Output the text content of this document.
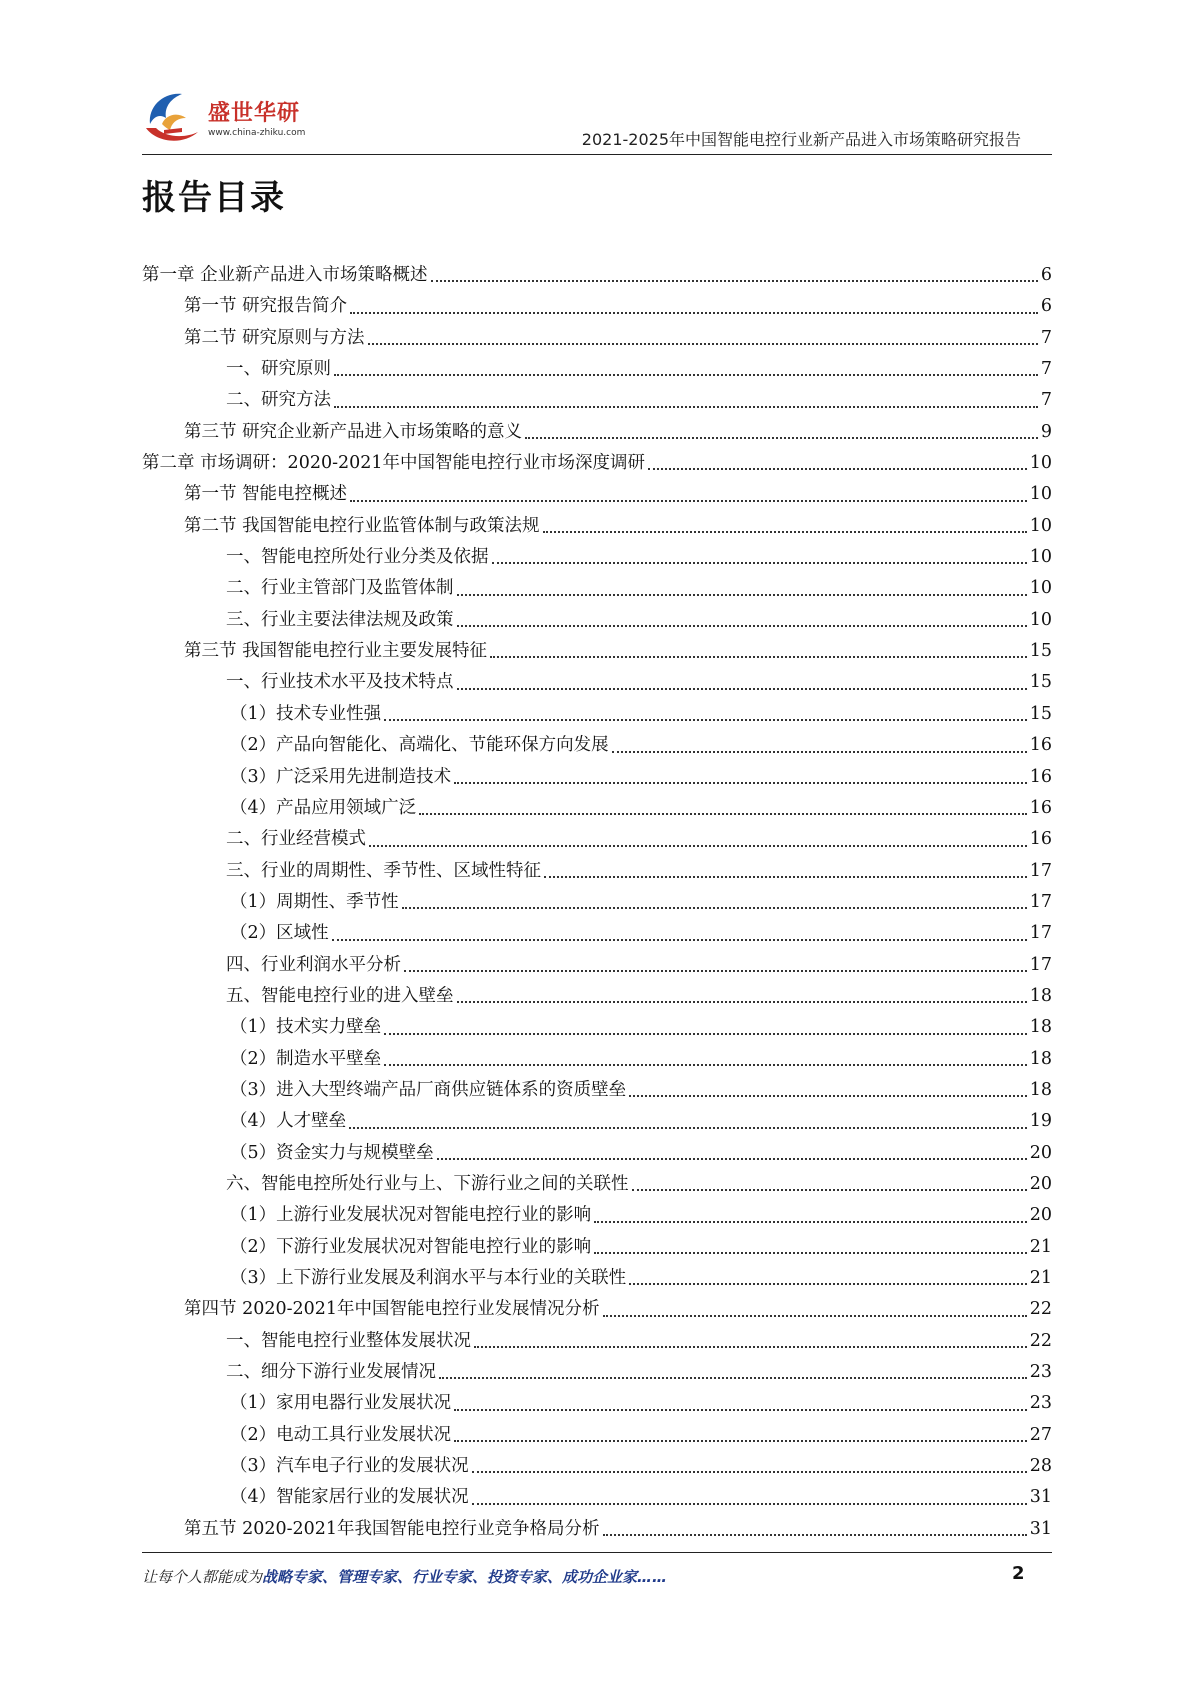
盛世华研
www.china-zhiku.com	2021-2025年中国智能电控行业新产品进入市场策略研究报告
报告目录
第一章 企业新产品进入市场策略概述	6
第一节 研究报告简介	6
第二节 研究原则与方法	7
一、研究原则	7
二、研究方法	7
第三节 研究企业新产品进入市场策略的意义	9
第二章 市场调研：2020-2021年中国智能电控行业市场深度调研	10
第一节 智能电控概述	10
第二节 我国智能电控行业监管体制与政策法规	10
一、智能电控所处行业分类及依据	10
二、行业主管部门及监管体制	10
三、行业主要法律法规及政策	10
第三节 我国智能电控行业主要发展特征	15
一、行业技术水平及技术特点	15
（1）技术专业性强	15
（2）产品向智能化、高端化、节能环保方向发展	16
（3）广泛采用先进制造技术	16
（4）产品应用领域广泛	16
二、行业经营模式	16
三、行业的周期性、季节性、区域性特征	17
（1）周期性、季节性	17
（2）区域性	17
四、行业利润水平分析	17
五、智能电控行业的进入壁垒	18
（1）技术实力壁垒	18
（2）制造水平壁垒	18
（3）进入大型终端产品厂商供应链体系的资质壁垒	18
（4）人才壁垒	19
（5）资金实力与规模壁垒	20
六、智能电控所处行业与上、下游行业之间的关联性	20
（1）上游行业发展状况对智能电控行业的影响	20
（2）下游行业发展状况对智能电控行业的影响	21
（3）上下游行业发展及利润水平与本行业的关联性	21
第四节 2020-2021年中国智能电控行业发展情况分析	22
一、智能电控行业整体发展状况	22
二、细分下游行业发展情况	23
（1）家用电器行业发展状况	23
（2）电动工具行业发展状况	27
（3）汽车电子行业的发展状况	28
（4）智能家居行业的发展状况	31
第五节 2020-2021年我国智能电控行业竞争格局分析	31
让每个人都能成为战略专家、管理专家、行业专家、投资专家、成功企业家……	2
